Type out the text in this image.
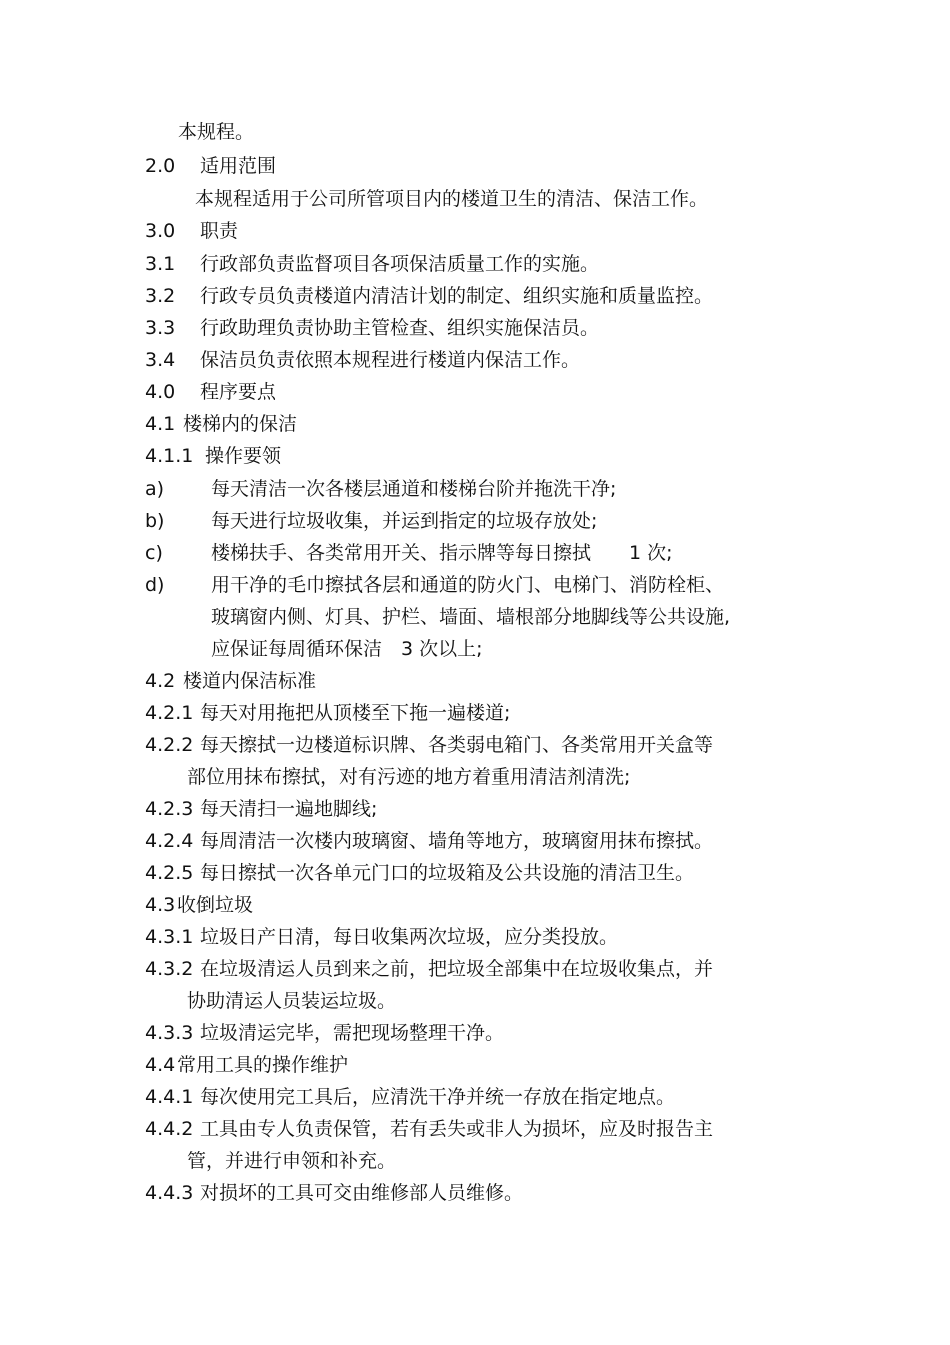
本规程。
2.0 适用范围
本规程适用于公司所管项目内的楼道卫生的清洁、保洁工作。
3.0 职责
3.1 行政部负责监督项目各项保洁质量工作的实施。
3.2 行政专员负责楼道内清洁计划的制定、组织实施和质量监控。
3.3 行政助理负责协助主管检查、组织实施保洁员。
3.4 保洁员负责依照本规程进行楼道内保洁工作。
4.0 程序要点
4.1 楼梯内的保洁
4.1.1 操作要领
a) 每天清洁一次各楼层通道和楼梯台阶并拖洗干净;
b) 每天进行垃圾收集，并运到指定的垃圾存放处;
c)	楼梯扶手、各类常用开关、指示牌等每日擦拭　　1 次;
d) 用干净的毛巾擦拭各层和通道的防火门、电梯门、消防栓柜、
玻璃窗内侧、灯具、护栏、墙面、墙根部分地脚线等公共设施,
应保证每周循环保洁　3 次以上;
4.2 楼道内保洁标准
4.2.1 每天对用拖把从顶楼至下拖一遍楼道;
4.2.2 每天擦拭一边楼道标识牌、各类弱电箱门、各类常用开关盒等
部位用抹布擦拭，对有污迹的地方着重用清洁剂清洗;
4.2.3 每天清扫一遍地脚线;
4.2.4 每周清洁一次楼内玻璃窗、墙角等地方，玻璃窗用抹布擦拭。
4.2.5 每日擦拭一次各单元门口的垃圾箱及公共设施的清洁卫生。
4.3 收倒垃圾
4.3.1 垃圾日产日清，每日收集两次垃圾，应分类投放。
4.3.2 在垃圾清运人员到来之前，把垃圾全部集中在垃圾收集点，并
协助清运人员装运垃圾。
4.3.3 垃圾清运完毕，需把现场整理干净。
4.4 常用工具的操作维护
4.4.1 每次使用完工具后，应清洗干净并统一存放在指定地点。
4.4.2 工具由专人负责保管，若有丢失或非人为损坏，应及时报告主
管，并进行申领和补充。
4.4.3 对损坏的工具可交由维修部人员维修。
